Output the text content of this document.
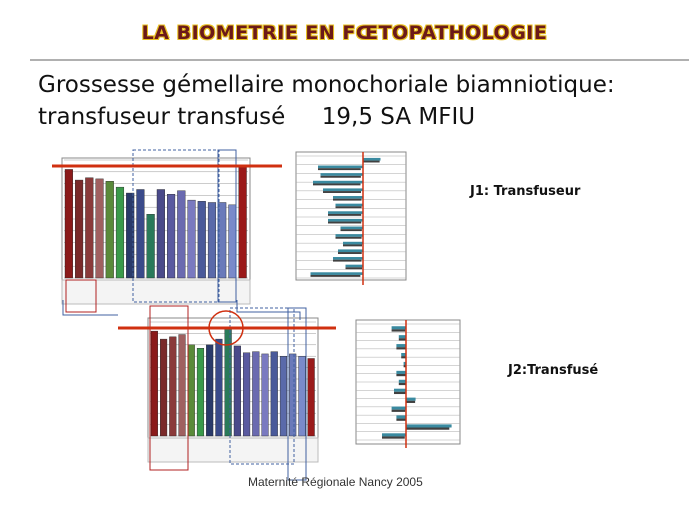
LA BIOMETRIE EN FŒTOPATHOLOGIE
Grossesse gémellaire monochoriale biamniotique:
transfuseur transfusé     19,5 SA MFIU
J1: Transfuseur
J2:Transfusé
Maternité Régionale Nancy 2005
